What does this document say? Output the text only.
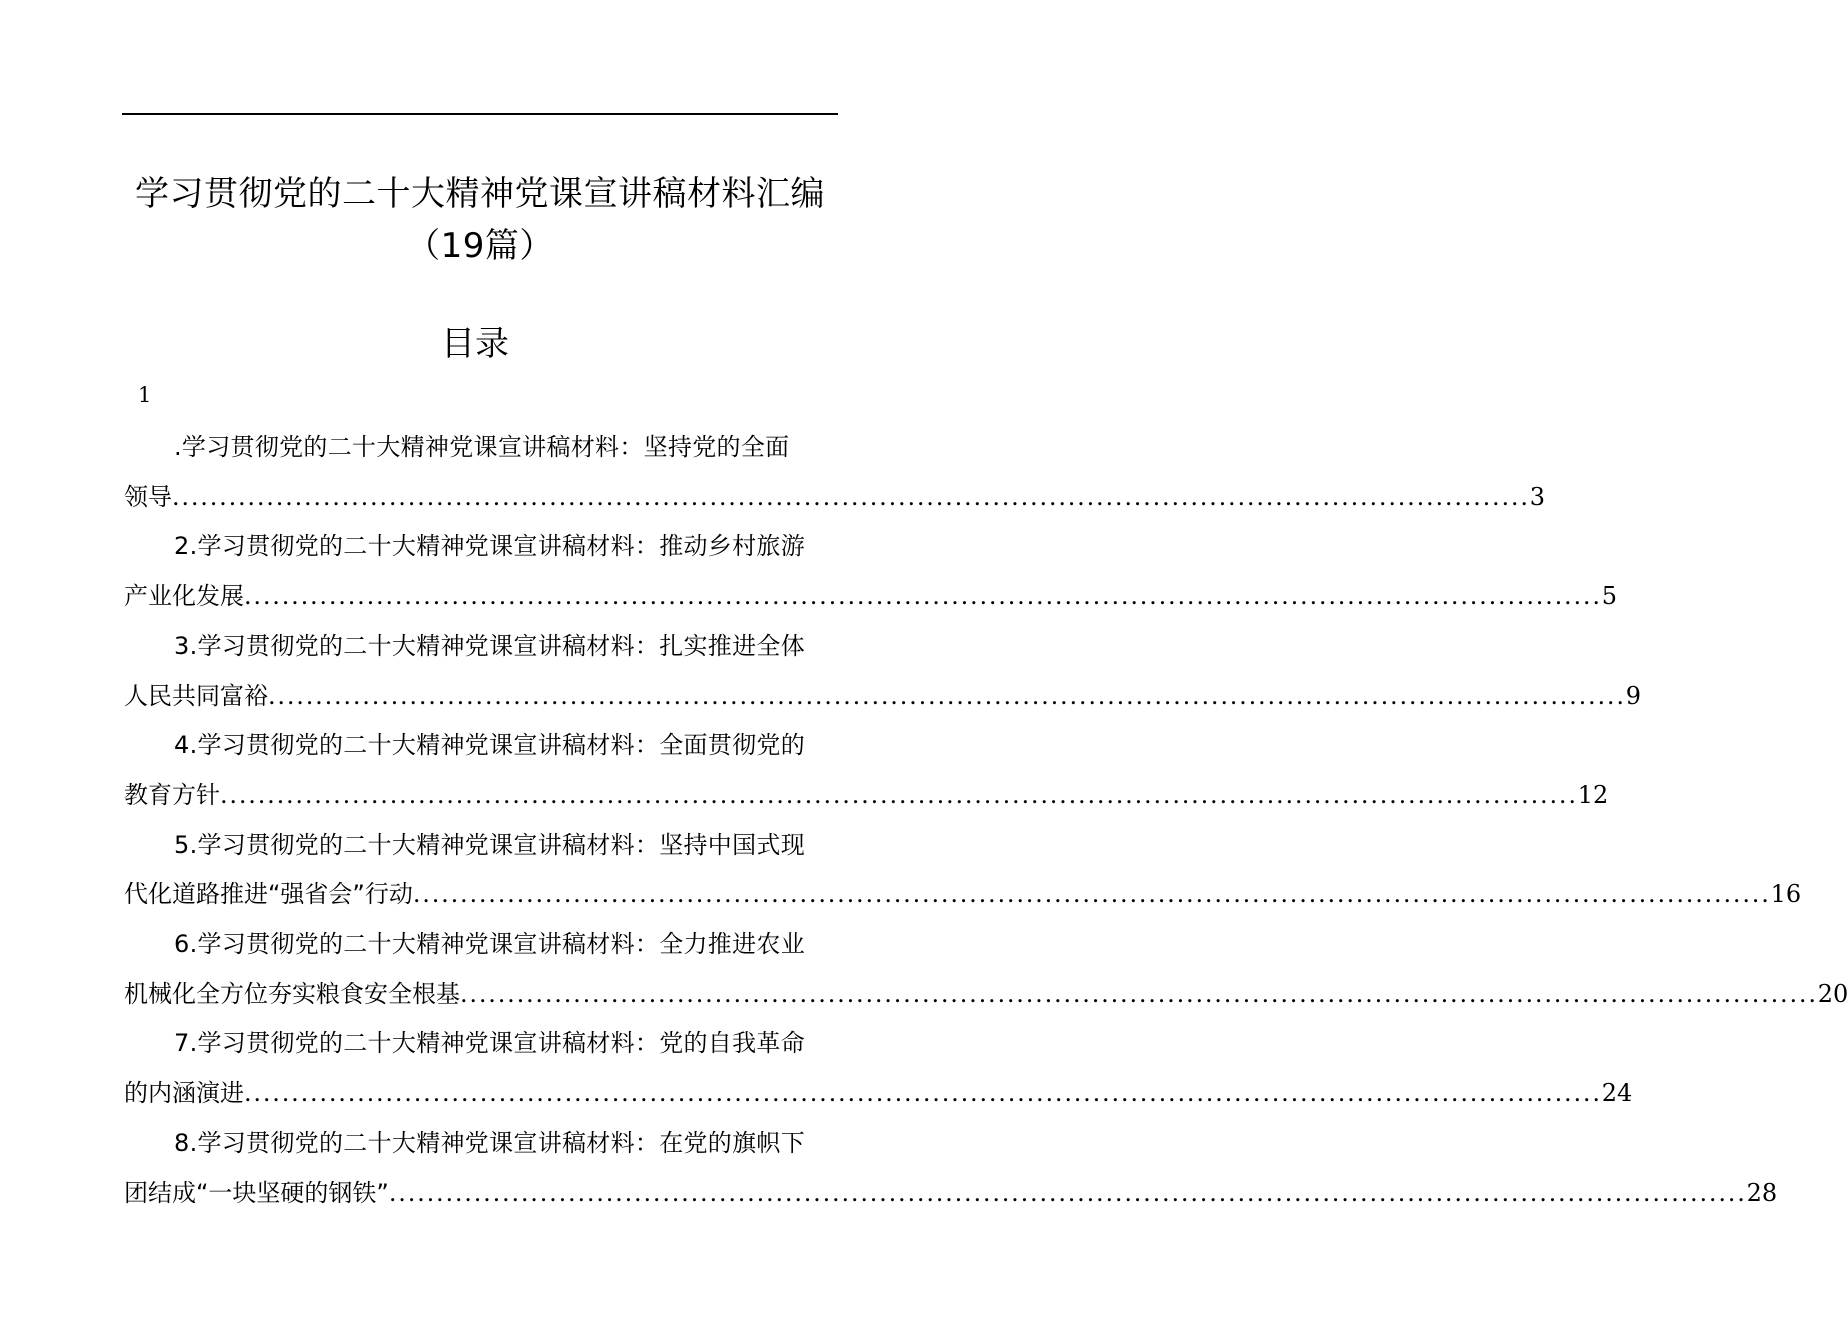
学习贯彻党的二十大精神党课宣讲稿材料汇编
（19篇）
目录
1
.学习贯彻党的二十大精神党课宣讲稿材料：坚持党的全面
领导 ................................................................................................................................................ 3
2.学习贯彻党的二十大精神党课宣讲稿材料：推动乡村旅游
产业化发展 ................................................................................................................................................ 5
3.学习贯彻党的二十大精神党课宣讲稿材料：扎实推进全体
人民共同富裕 ................................................................................................................................................ 9
4.学习贯彻党的二十大精神党课宣讲稿材料：全面贯彻党的
教育方针 ................................................................................................................................................ 12
5.学习贯彻党的二十大精神党课宣讲稿材料：坚持中国式现
代化道路推进“强省会”行动 ................................................................................................................................................ 16
6.学习贯彻党的二十大精神党课宣讲稿材料：全力推进农业
机械化全方位夯实粮食安全根基 ................................................................................................................................................ 20
7.学习贯彻党的二十大精神党课宣讲稿材料：党的自我革命
的内涵演进 ................................................................................................................................................ 24
8.学习贯彻党的二十大精神党课宣讲稿材料：在党的旗帜下
团结成“一块坚硬的钢铁” ................................................................................................................................................ 28
